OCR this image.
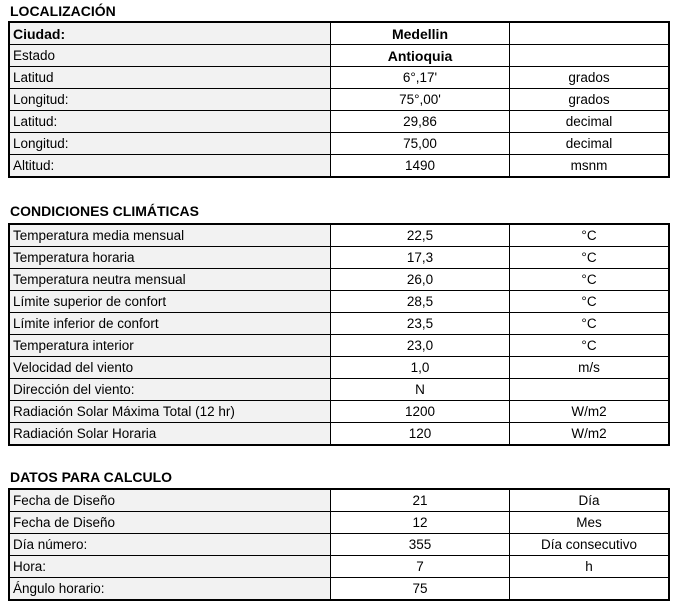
LOCALIZACIÓN
Ciudad:	Medellin	
Estado	Antioquia	
Latitud	6°,17'	grados
Longitud:	75°,00'	grados
Latitud:	29,86	decimal
Longitud:	75,00	decimal
Altitud:	1490	msnm
CONDICIONES CLIMÁTICAS
Temperatura media mensual	22,5	°C
Temperatura horaria	17,3	°C
Temperatura neutra mensual	26,0	°C
Límite superior de confort	28,5	°C
Límite inferior de confort	23,5	°C
Temperatura interior	23,0	°C
Velocidad del viento	1,0	m/s
Dirección del viento:	N	
Radiación Solar Máxima Total (12 hr)	1200	W/m2
Radiación Solar Horaria	120	W/m2
DATOS PARA CALCULO
Fecha de Diseño	21	Día
Fecha de Diseño	12	Mes
Día número:	355	Día consecutivo
Hora:	7	h
Ángulo horario:	75	
